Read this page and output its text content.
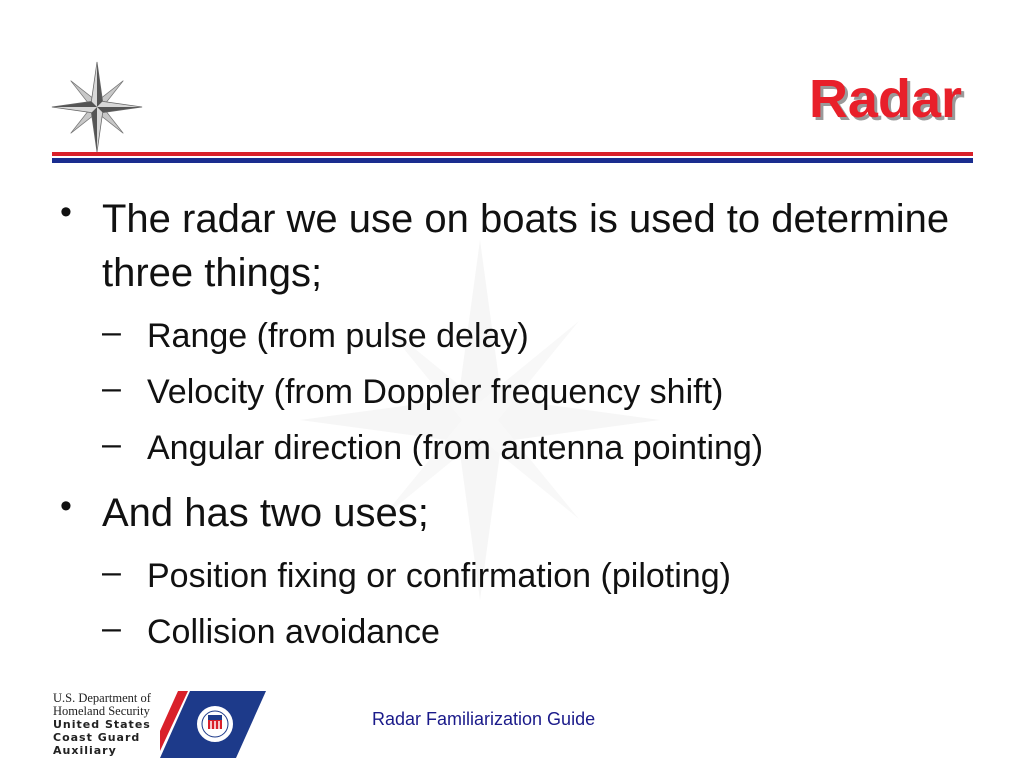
Radar
• The radar we use on boats is used to determine three things;
– Range (from pulse delay)
– Velocity (from Doppler frequency shift)
– Angular direction (from antenna pointing)
• And has two uses;
– Position fixing or confirmation (piloting)
– Collision avoidance
U.S. Department of
Homeland Security
United States
Coast Guard
Auxiliary
Radar Familiarization Guide
